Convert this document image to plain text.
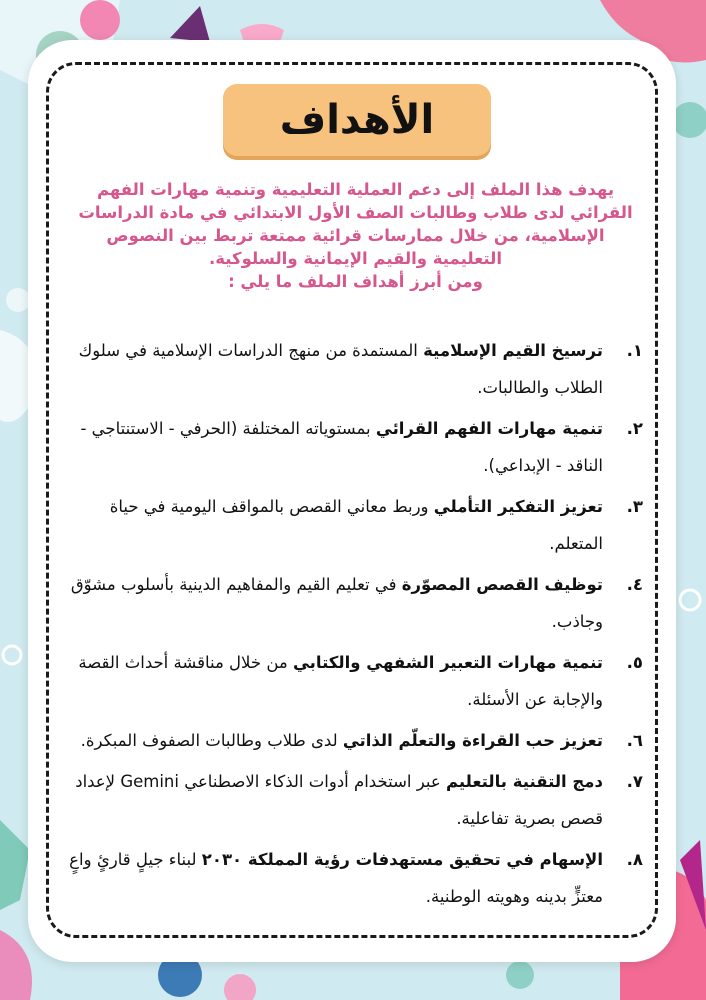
الأهداف
يهدف هذا الملف إلى دعم العملية التعليمية وتنمية مهارات الفهم القرائي لدى طلاب وطالبات الصف الأول الابتدائي في مادة الدراسات الإسلامية، من خلال ممارسات قرائية ممتعة تربط بين النصوص التعليمية والقيم الإيمانية والسلوكية.
ومن أبرز أهداف الملف ما يلي :
١.
ترسيخ القيم الإسلامية المستمدة من منهج الدراسات الإسلامية في سلوك الطلاب والطالبات.
٢.
تنمية مهارات الفهم القرائي بمستوياته المختلفة (الحرفي - الاستنتاجي - الناقد - الإبداعي).
٣.
تعزيز التفكير التأملي وربط معاني القصص بالمواقف اليومية في حياة المتعلم.
٤.
توظيف القصص المصوّرة في تعليم القيم والمفاهيم الدينية بأسلوب مشوّق وجاذب.
٥.
تنمية مهارات التعبير الشفهي والكتابي من خلال مناقشة أحداث القصة والإجابة عن الأسئلة.
٦.
تعزيز حب القراءة والتعلّم الذاتي لدى طلاب وطالبات الصفوف المبكرة.
٧.
دمج التقنية بالتعليم عبر استخدام أدوات الذكاء الاصطناعي Gemini لإعداد قصص بصرية تفاعلية.
٨.
الإسهام في تحقيق مستهدفات رؤية المملكة ٢٠٣٠ لبناء جيلٍ قارئٍ واعٍ معتزٍّ بدينه وهويته الوطنية.
